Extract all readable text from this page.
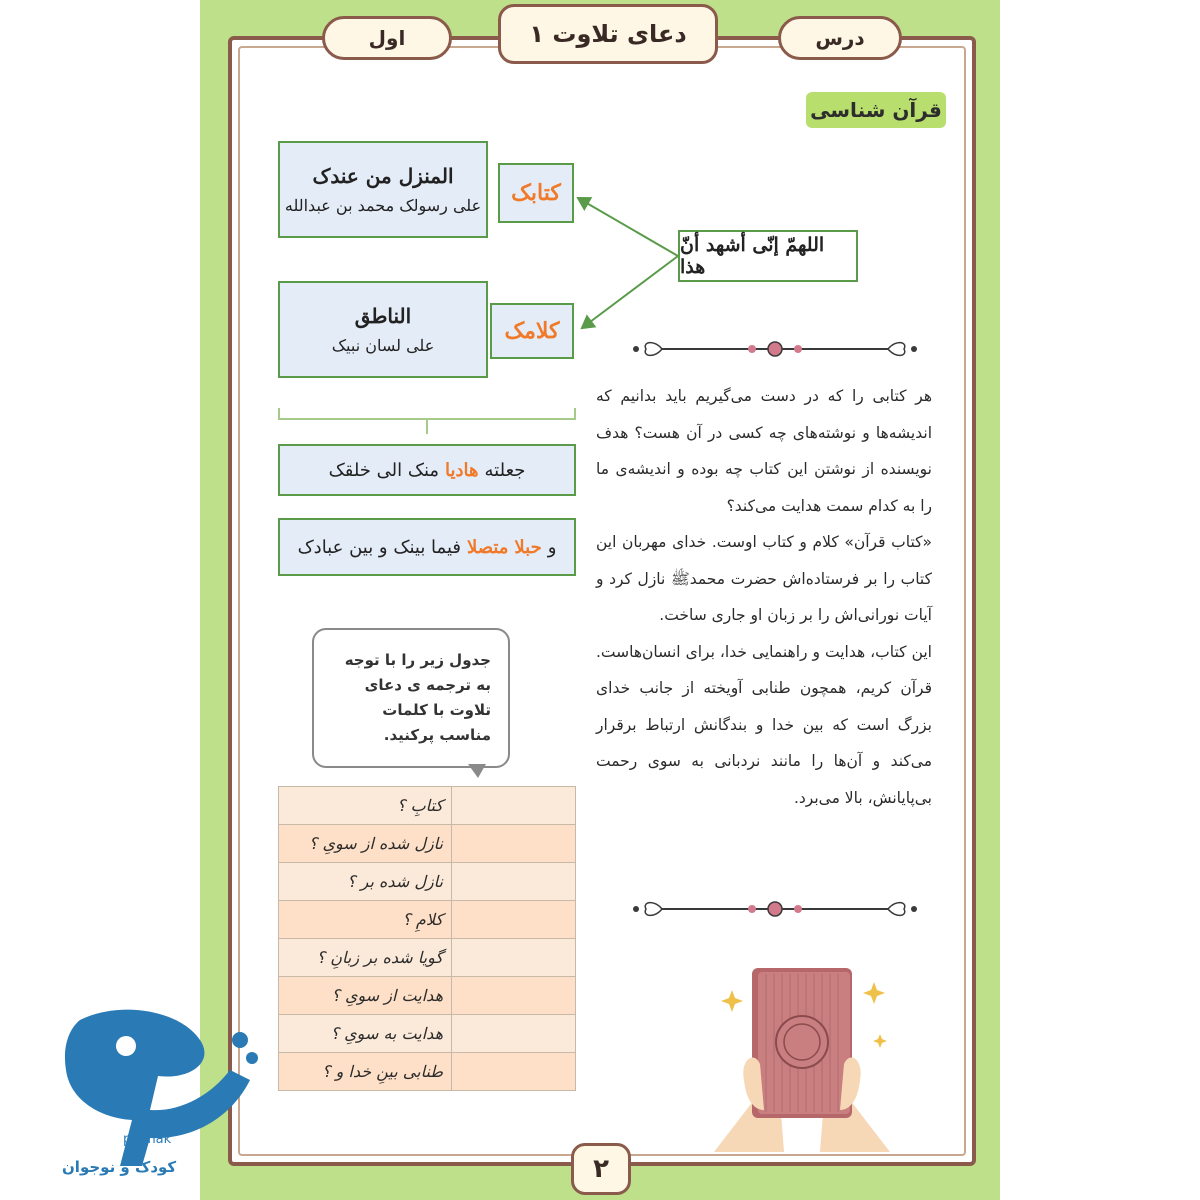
اول	دعای تلاوت ۱	درس
قرآن شناسی
المنزل من عندک
علی رسولک محمد بن عبدالله	کتابک
الناطق
علی لسان نبیک
کلامک
اللهمّ إنّی أشهد أنّ هذا
جعلته
هادیا
منک الی خلقک
و
حبلا
متصلا
فیما بینک و بین عبادک

هر کتابی را که در دست می‌گیریم باید بدانیم که اندیشه‌ها و نوشته‌های چه کسی در آن هست؟ هدف نویسنده از نوشتن این کتاب چه بوده و اندیشه‌ی ما را به کدام سمت هدایت می‌کند؟

«کتاب قرآن» کلام و کتاب اوست. خدای مهربان این کتاب را بر فرستاده‌اش حضرت محمدﷺ نازل کرد و آیات نورانی‌اش را بر زبان او جاری ساخت.

این کتاب، هدایت و راهنمایی خدا، برای انسان‌هاست. قرآن کریم، همچون طنابی آویخته از جانب خدای بزرگ است که بین خدا و بندگانش ارتباط برقرار می‌کند و آن‌ها را مانند نردبانی به سوی رحمت بی‌پایانش، بالا می‌برد.

جدول زیر را با توجه به ترجمه ی دعای تلاوت با کلمات مناسب پرکنید.
کتابِ ؟	
نازل شده از سویِ ؟	
نازل شده بر ؟	
کلامِ ؟	
گویا شده بر زبانِ ؟	
هدایت از سویِ ؟	
هدایت به سویِ ؟	
طنابی بینِ خدا و ؟	
۲
puonak
کودک و نوجوان
